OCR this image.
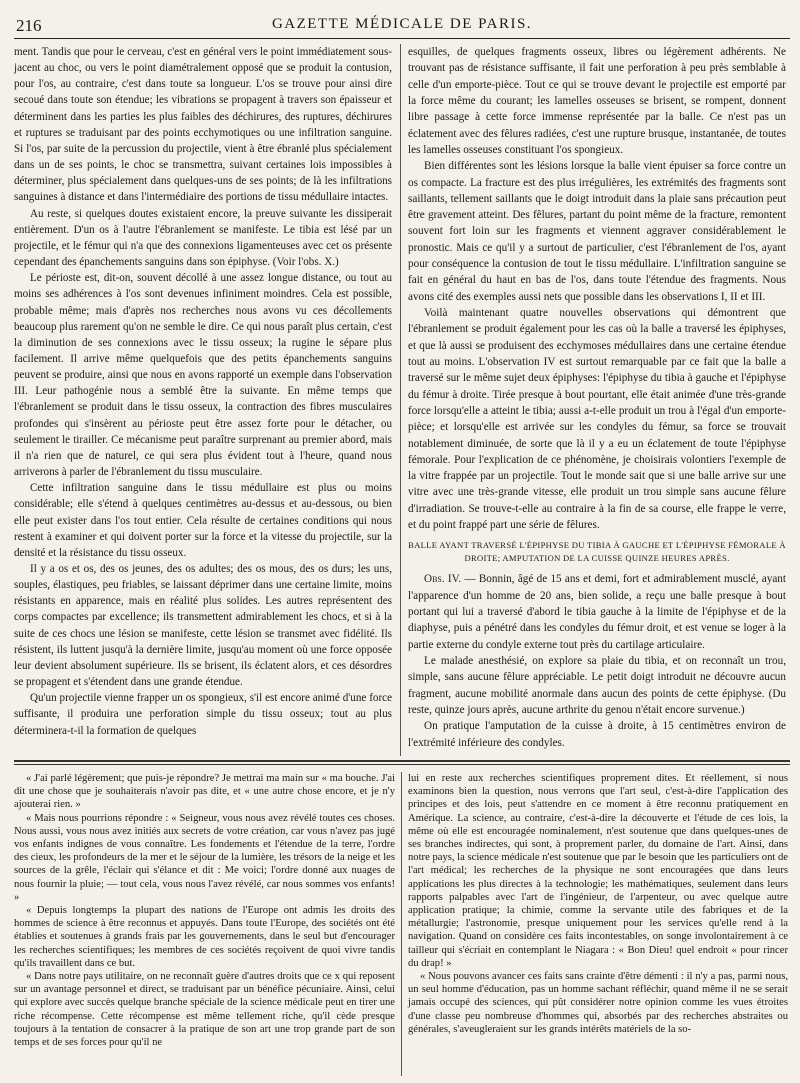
216	GAZETTE MÉDICALE DE PARIS.

ment. Tandis que pour le cerveau, c'est en général vers le point immédiatement sous-jacent au choc, ou vers le point diamétralement opposé que se produit la contusion, pour l'os, au contraire, c'est dans toute sa longueur. L'os se trouve pour ainsi dire secoué dans toute son étendue; les vibrations se propagent à travers son épaisseur et déterminent dans les parties les plus faibles des déchirures, des ruptures, déchirures et ruptures se traduisant par des points ecchymotiques ou une infiltration sanguine. Si l'os, par suite de la percussion du projectile, vient à être ébranlé plus spécialement dans un de ses points, le choc se transmettra, suivant certaines lois impossibles à déterminer, plus spécialement dans quelques-uns de ses points; de là les infiltrations sanguines à distance et dans l'intermédiaire des portions de tissu médullaire intactes.

Au reste, si quelques doutes existaient encore, la preuve suivante les dissiperait entièrement. D'un os à l'autre l'ébranlement se manifeste. Le tibia est lésé par un projectile, et le fémur qui n'a que des connexions ligamenteuses avec cet os présente cependant des épanchements sanguins dans son épiphyse. (Voir l'obs. X.)

Le périoste est, dit-on, souvent décollé à une assez longue distance, ou tout au moins ses adhérences à l'os sont devenues infiniment moindres. Cela est possible, probable même; mais d'après nos recherches nous avons vu ces décollements beaucoup plus rarement qu'on ne semble le dire. Ce qui nous paraît plus certain, c'est la diminution de ses connexions avec le tissu osseux; la rugine le sépare plus facilement. Il arrive même quelquefois que des petits épanchements sanguins peuvent se produire, ainsi que nous en avons rapporté un exemple dans l'observation III. Leur pathogénie nous a semblé être la suivante. En même temps que l'ébranlement se produit dans le tissu osseux, la contraction des fibres musculaires profondes qui s'insèrent au périoste peut être assez forte pour le détacher, ou seulement le tirailler. Ce mécanisme peut paraître surprenant au premier abord, mais il n'a rien que de naturel, ce qui sera plus évident tout à l'heure, quand nous arriverons à parler de l'ébranlement du tissu musculaire.

Cette infiltration sanguine dans le tissu médullaire est plus ou moins considérable; elle s'étend à quelques centimètres au-dessus et au-dessous, ou bien elle peut exister dans l'os tout entier. Cela résulte de certaines conditions qui nous restent à examiner et qui doivent porter sur la force et la vitesse du projectile, sur la densité et la résistance du tissu osseux.

Il y a os et os, des os jeunes, des os adultes; des os mous, des os durs; les uns, souples, élastiques, peu friables, se laissant déprimer dans une certaine limite, moins résistants en apparence, mais en réalité plus solides. Les autres représentent des corps compactes par excellence; ils transmettent admirablement les chocs, et si à la suite de ces chocs une lésion se manifeste, cette lésion se transmet avec fidélité. Ils résistent, ils luttent jusqu'à la dernière limite, jusqu'au moment où une force opposée leur devient absolument supérieure. Ils se brisent, ils éclatent alors, et ces désordres se propagent et s'étendent dans une grande étendue.

Qu'un projectile vienne frapper un os spongieux, s'il est encore animé d'une force suffisante, il produira une perforation simple du tissu osseux; tout au plus déterminera-t-il la formation de quelques

esquilles, de quelques fragments osseux, libres ou légèrement adhérents. Ne trouvant pas de résistance suffisante, il fait une perforation à peu près semblable à celle d'un emporte-pièce. Tout ce qui se trouve devant le projectile est emporté par la force même du courant; les lamelles osseuses se brisent, se rompent, donnent libre passage à cette force immense représentée par la balle. Ce n'est pas un éclatement avec des fêlures radiées, c'est une rupture brusque, instantanée, de toutes les lamelles osseuses constituant l'os spongieux.

Bien différentes sont les lésions lorsque la balle vient épuiser sa force contre un os compacte. La fracture est des plus irrégulières, les extrémités des fragments sont saillants, tellement saillants que le doigt introduit dans la plaie sans précaution peut être gravement atteint. Des fêlures, partant du point même de la fracture, remontent souvent fort loin sur les fragments et viennent aggraver considérablement le pronostic. Mais ce qu'il y a surtout de particulier, c'est l'ébranlement de l'os, ayant pour conséquence la contusion de tout le tissu médullaire. L'infiltration sanguine se fait en général du haut en bas de l'os, dans toute l'étendue des fragments. Nous avons cité des exemples aussi nets que possible dans les observations I, II et III.

Voilà maintenant quatre nouvelles observations qui démontrent que l'ébranlement se produit également pour les cas où la balle a traversé les épiphyses, et que là aussi se produisent des ecchymoses médullaires dans une certaine étendue tout au moins. L'observation IV est surtout remarquable par ce fait que la balle a traversé sur le même sujet deux épiphyses: l'épiphyse du tibia à gauche et l'épiphyse du fémur à droite. Tirée presque à bout pourtant, elle était animée d'une très-grande force lorsqu'elle a atteint le tibia; aussi a-t-elle produit un trou à l'égal d'un emporte-pièce; et lorsqu'elle est arrivée sur les condyles du fémur, sa force se trouvait notablement diminuée, de sorte que là il y a eu un éclatement de toute l'épiphyse fémorale. Pour l'explication de ce phénomène, je choisirais volontiers l'exemple de la vitre frappée par un projectile. Tout le monde sait que si une balle arrive sur une vitre avec une très-grande vitesse, elle produit un trou simple sans aucune fêlure d'irradiation. Se trouve-t-elle au contraire à la fin de sa course, elle frappe le verre, et du point frappé part une série de fêlures.

BALLE AYANT TRAVERSÉ L'ÉPIPHYSE DU TIBIA À GAUCHE ET L'ÉPIPHYSE FÉMORALE À DROITE; AMPUTATION DE LA CUISSE QUINZE HEURES APRÈS.

Obs. IV. — Bonnin, âgé de 15 ans et demi, fort et admirablement musclé, ayant l'apparence d'un homme de 20 ans, bien solide, a reçu une balle presque à bout portant qui lui a traversé d'abord le tibia gauche à la limite de l'épiphyse et de la diaphyse, puis a pénétré dans les condyles du fémur droit, et est venue se loger à la partie externe du condyle externe tout près du cartilage articulaire.

Le malade anesthésié, on explore sa plaie du tibia, et on reconnaît un trou, simple, sans aucune fêlure appréciable. Le petit doigt introduit ne découvre aucun fragment, aucune mobilité anormale dans aucun des points de cette épiphyse. (Du reste, quinze jours après, aucune arthrite du genou n'était encore survenue.)

On pratique l'amputation de la cuisse à droite, à 15 centimètres environ de l'extrémité inférieure des condyles.

« J'ai parlé légèrement; que puis-je répondre? Je mettrai ma main sur « ma bouche. J'ai dit une chose que je souhaiterais n'avoir pas dite, et « une autre chose encore, et je n'y ajouterai rien. »

« Mais nous pourrions répondre : « Seigneur, vous nous avez révélé toutes ces choses. Nous aussi, vous nous avez initiés aux secrets de votre création, car vous n'avez pas jugé vos enfants indignes de vous connaître. Les fondements et l'étendue de la terre, l'ordre des cieux, les profondeurs de la mer et le séjour de la lumière, les trésors de la neige et les sources de la grêle, l'éclair qui s'élance et dit : Me voici; l'ordre donné aux nuages de nous fournir la pluie; — tout cela, vous nous l'avez révélé, car nous sommes vos enfants! »

« Depuis longtemps la plupart des nations de l'Europe ont admis les droits des hommes de science à être reconnus et appuyés. Dans toute l'Europe, des sociétés ont été établies et soutenues à grands frais par les gouvernements, dans le seul but d'encourager les recherches scientifiques; les membres de ces sociétés reçoivent de quoi vivre tandis qu'ils travaillent dans ce but.

« Dans notre pays utilitaire, on ne reconnaît guère d'autres droits que ce x qui reposent sur un avantage personnel et direct, se traduisant par un bénéfice pécuniaire. Ainsi, celui qui explore avec succès quelque branche spéciale de la science médicale peut en tirer une riche récompense. Cette récompense est même tellement riche, qu'il cède presque toujours à la tentation de consacrer à la pratique de son art une trop grande part de son temps et de ses forces pour qu'il ne

lui en reste aux recherches scientifiques proprement dites. Et réellement, si nous examinons bien la question, nous verrons que l'art seul, c'est-à-dire l'application des principes et des lois, peut s'attendre en ce moment à être reconnu pratiquement en Amérique. La science, au contraire, c'est-à-dire la découverte et l'étude de ces lois, la même où elle est encouragée nominalement, n'est soutenue que dans quelques-unes de ses branches indirectes, qui sont, à proprement parler, du domaine de l'art. Ainsi, dans notre pays, la science médicale n'est soutenue que par le besoin que les particuliers ont de l'art médical; les recherches de la physique ne sont encouragées que dans leurs applications les plus directes à la technologie; les mathématiques, seulement dans leurs rapports palpables avec l'art de l'ingénieur, de l'arpenteur, ou avec quelque autre application pratique; la chimie, comme la servante utile des fabriques et de la métallurgie; l'astronomie, presque uniquement pour les services qu'elle rend à la navigation. Quand on considère ces faits incontestables, on songe involontairement à ce tailleur qui s'écriait en contemplant le Niagara : « Bon Dieu! quel endroit « pour rincer du drap! »

« Nous pouvons avancer ces faits sans crainte d'être démenti : il n'y a pas, parmi nous, un seul homme d'éducation, pas un homme sachant réfléchir, quand même il ne se serait jamais occupé des sciences, qui pût considérer notre opinion comme les vues étroites d'une classe peu nombreuse d'hommes qui, absorbés par des recherches abstraites ou générales, s'aveugleraient sur les grands intérêts matériels de la so-
